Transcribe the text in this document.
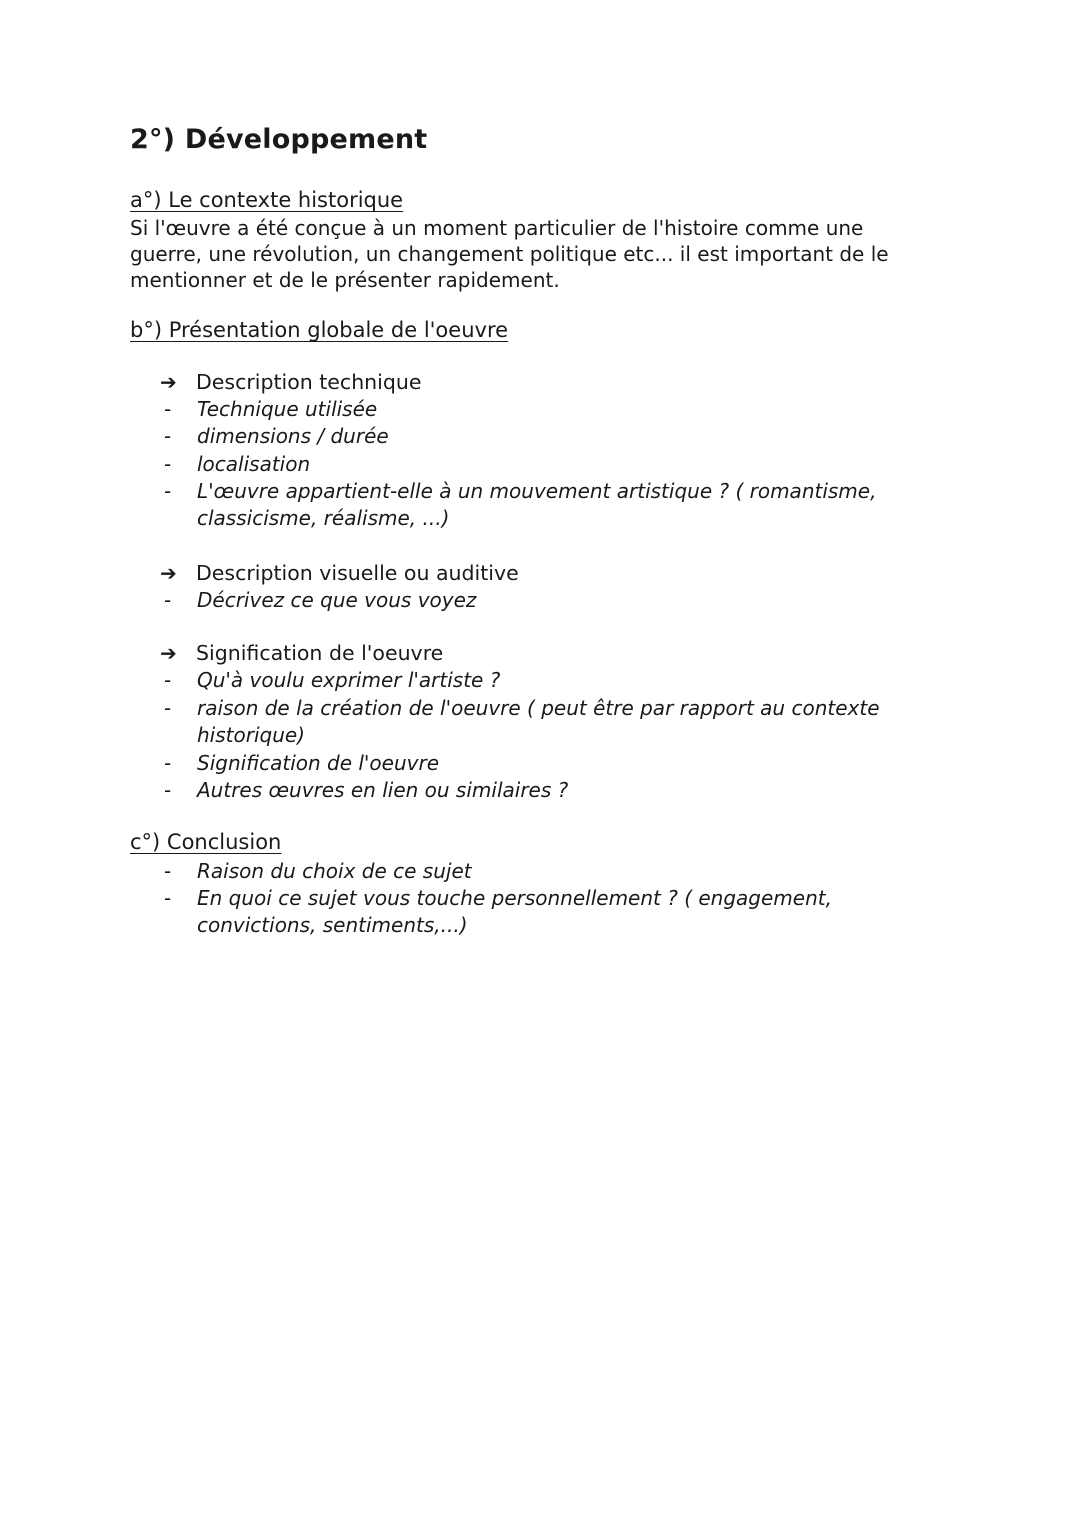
2°) Développement
a°) Le contexte historique

Si l'œuvre a été conçue à un moment particulier de l'histoire comme une

guerre, une révolution, un changement politique etc... il est important de le

mentionner et de le présenter rapidement.

b°) Présentation globale de l'oeuvre
➔ Description technique
- Technique utilisée
- dimensions / durée
- localisation
- L'œuvre appartient-elle à un mouvement artistique ? ( romantisme,
classicisme, réalisme, ...)
➔ Description visuelle ou auditive
- Décrivez ce que vous voyez
➔ Signification de l'oeuvre
- Qu'à voulu exprimer l'artiste ?
- raison de la création de l'oeuvre ( peut être par rapport au contexte
historique)
- Signification de l'oeuvre
- Autres œuvres en lien ou similaires ?
c°) Conclusion
- Raison du choix de ce sujet
- En quoi ce sujet vous touche personnellement ? ( engagement,
convictions, sentiments,...)
